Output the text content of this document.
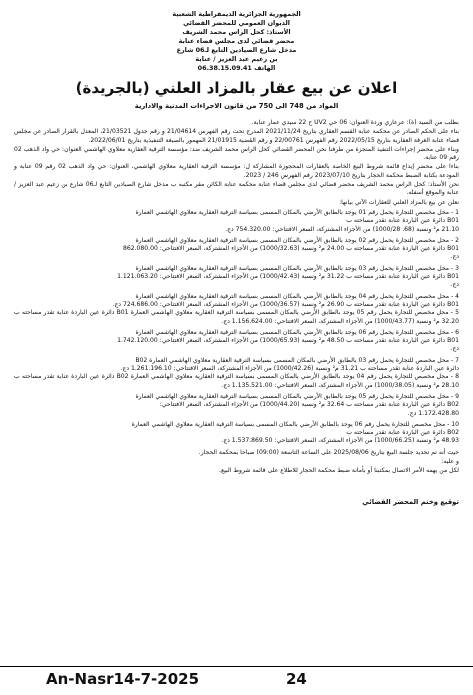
الجمهورية الجزائرية الديمقراطية الشعبية
الديوان العمومي للمحضر القضائي
الأستاذ: كحل الراس محمد الشريف
محضر قضائي لدى مجلس قضاء عنابة
مدخل شارع الصيادين التابع لـ06 شارع
بن زعيم عبد العزيز / عنابة
الهاتف 06.38.15.09.41
اعلان عن بيع عقار بالمزاد العلني (بالجريدة)
المواد من 748 الى 750 من قانون الاجراءات المدنية والادارية

بطلب من السيد (ة): عرعاري وردة العنوان: 06 حي UV2 ح 22 سيدي عمار عنابة.

بناء على الحكم الصادر عن محكمة عنابة القسم العقاري بتاريخ 2021/11/24 المدرج تحت رقم الفهرس 21/04614 و رقم جدول 21/03521، المعدل بالقرار الصادر عن مجلس قضاء عنابة الغرفة العقارية بتاريخ 2022/05/15 رقم الفهرس 22/00761 و رقم القضية 21/01915 المهمور بالصيغة التنفيذية بتاريخ 2022/06/01.

وبناء على محضر إجراءات التنفيذ المنجزة من طرفنا نحن المحضر القضائي كحل الراس محمد الشريف ضد: مؤسسة الترقية العقارية معلاوي الهاشمي العنوان: حي واد الذهب 02 رقم 09 عنابة.

بناءا على محضر إيداع قائمة شروط البيع الخاصة بالعقارات المحجوزة المشاركة ل: مؤسسة الترقية العقارية معلاوي الهاشمي، العنوان: حي واد الذهب 02 رقم 09 عنابة و المودعة بكتابة الضبط محكمة الحجار بتاريخ 2023/07/10 رقم الفهرس 246 / 2023.

نحن الأستاذ: كحل الراس محمد الشريف محضر قضائي لدى مجلس قضاء عنابة محكمة عنابة الكائن مقر مكتبه ب مدخل شارع الصيادين التابع لـ06 شارع بن زعيم عبد العزيز / عنابة والموقع أسفله.

نعلن عن بيع بالمزاد العلني للعقارات الآتي بيانها:

1 - محل مخصص للتجارة يحمل رقم 01 يوجد بالطابق الأرضي بالمكان المسمى بسياسة الترقية العقارية معلاوي الهاشمي العمارة
B01 دائرة عين الباردة عنابة تقدر مساحته ب
21.10 م² ونسبة (68. 1000/28) من الأجزاء المشتركة، السعر الافتتاحي: 754.320.00 دج.
2 - محل مخصص للتجارة يحمل رقم 02 يوجد بالطابق الأرضي بالمكان المسمى بسياسة الترقية العقارية معلاوي الهاشمي العمارة
B01 دائرة عين الباردة عنابة تقدر مساحته ب 24.00 م² ونسبة (1000/32.63) من الأجزاء المشتركة، السعر الافتتاحي: 862.080.00
دج.
3 - محل مخصص للتجارة يحمل رقم 03 يوجد بالطابق الأرضي بالمكان المسمى بسياسة الترقية العقارية معلاوي الهاشمي العمارة
B01 دائرة عين الباردة عنابة تقدر مساحته ب 31.22 م² ونسبة (1000/42.43) من الأجزاء المشتركة، السعر الافتتاحي: 1.121.063.20
دج.
4 - محل مخصص للتجارة يحمل رقم 04 يوجد بالطابق الأرضي بالمكان المسمى بسياسة الترقية العقارية معلاوي الهاشمي العمارة
B01 دائرة عين الباردة عنابة تقدر مساحته ب 26.90 م² ونسبة (1000/36.57) من الأجزاء المشتركة، السعر الافتتاحي: 724.686.00 دج.
5 - محل مخصص للتجارة يحمل رقم 05 يوجد بالطابق الأرضي بالمكان المسمى بسياسة الترقية العقارية معلاوي الهاشمي العمارة B01 دائرة عين الباردة عنابة تقدر مساحته ب 32.20 م² ونسبة (1000/43.77) من الأجزاء المشتركة، السعر الافتتاحي: 1.156.624.00 دج.
6 - محل مخصص للتجارة يحمل رقم 06 يوجد بالطابق الأرضي بالمكان المسمى بسياسة الترقية العقارية معلاوي الهاشمي العمارة
B01 دائرة عين الباردة عنابة تقدر مساحته ب 48.50 م² ونسبة (1000/65.93) من الأجزاء المشتركة، السعر الافتتاحي: 1.742.120.00
دج.
7 - محل مخصص للتجارة يحمل رقم 03 بالطابق الأرضي بالمكان المسمى بسياسة الترقية العقارية معلاوي الهاشمي العمارة B02
دائرة عين الباردة عنابة تقدر مساحته ب 31.21 م² ونسبة (1000/42.26) من الأجزاء المشتركة، السعر الافتتاحي: 1.261.196.10 دج.
8 - محل مخصص للتجارة يحمل رقم 04 يوجد بالطابق الأرضي بالمكان المسمى بسياسة الترقية العقارية معلاوي الهاشمي العمارة B02 دائرة عين الباردة عنابة تقدر مساحته ب 28.10 م² ونسبة (1000/38.05) من الأجزاء المشتركة، السعر الافتتاحي: 1.135.521.00 دج.
9 - محل مخصص للتجارة يحمل رقم 05 يوجد بالطابق الأرضي بالمكان المسمى بسياسة الترقية العقارية معلاوي الهاشمي العمارة
B02 دائرة عين الباردة عنابة تقدر مساحته ب 32.64 م² ونسبة (1000/44.20) من الأجزاء المشتركة، السعر الافتتاحي:
1.172.428.80 دج.
10 - محل مخصص للتجارة يحمل رقم 06 يوجد بالطابق الأرضي بالمكان المسمى بسياسة الترقية العقارية معلاوي الهاشمي العمارة
B02 دائرة عين الباردة عنابة تقدر مساحته ب
48.93 م² ونسبة (1000/66.25) من الأجزاء المشتركة، السعر الافتتاحي: 1.537.869.50 دج.

حيث أنه تم تحديد جلسة البيع بتاريخ 2025/08/06 على الساعة التاسعة (09:00) صباحا بمحكمة الحجار.

و عليه:

لكل من يهمه الأمر الاتصال بمكتبنا أو بأمانة ضبط محكمة الحجار للاطلاع على قائمة شروط البيع.

توقيع وختم المحضر القضائي
An-Nasr14-7-2025	24
